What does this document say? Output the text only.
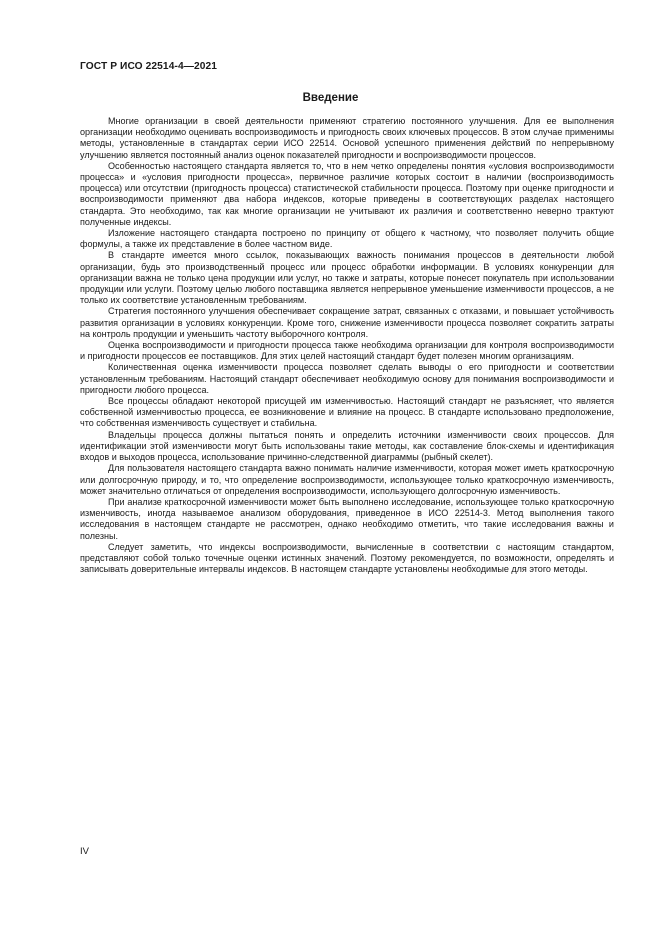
ГОСТ Р ИСО 22514-4—2021
Введение

Многие организации в своей деятельности применяют стратегию постоянного улучшения. Для ее выполнения организации необходимо оценивать воспроизводимость и пригодность своих ключевых процессов. В этом случае применимы методы, установленные в стандартах серии ИСО 22514. Основой успешного применения действий по непрерывному улучшению является постоянный анализ оценок показателей пригодности и воспроизводимости процессов.

Особенностью настоящего стандарта является то, что в нем четко определены понятия «условия воспроизводимости процесса» и «условия пригодности процесса», первичное различие которых состоит в наличии (воспроизводимость процесса) или отсутствии (пригодность процесса) статистической стабильности процесса. Поэтому при оценке пригодности и воспроизводимости применяют два набора индексов, которые приведены в соответствующих разделах настоящего стандарта. Это необходимо, так как многие организации не учитывают их различия и соответственно неверно трактуют полученные индексы.

Изложение настоящего стандарта построено по принципу от общего к частному, что позволяет получить общие формулы, а также их представление в более частном виде.

В стандарте имеется много ссылок, показывающих важность понимания процессов в деятельности любой организации, будь это производственный процесс или процесс обработки информации. В условиях конкуренции для организации важна не только цена продукции или услуг, но также и затраты, которые понесет покупатель при использовании продукции или услуги. Поэтому целью любого поставщика является непрерывное уменьшение изменчивости процессов, а не только их соответствие установленным требованиям.

Стратегия постоянного улучшения обеспечивает сокращение затрат, связанных с отказами, и повышает устойчивость развития организации в условиях конкуренции. Кроме того, снижение изменчивости процесса позволяет сократить затраты на контроль продукции и уменьшить частоту выборочного контроля.

Оценка воспроизводимости и пригодности процесса также необходима организации для контроля воспроизводимости и пригодности процессов ее поставщиков. Для этих целей настоящий стандарт будет полезен многим организациям.

Количественная оценка изменчивости процесса позволяет сделать выводы о его пригодности и соответствии установленным требованиям. Настоящий стандарт обеспечивает необходимую основу для понимания воспроизводимости и пригодности любого процесса.

Все процессы обладают некоторой присущей им изменчивостью. Настоящий стандарт не разъясняет, что является собственной изменчивостью процесса, ее возникновение и влияние на процесс. В стандарте использовано предположение, что собственная изменчивость существует и стабильна.

Владельцы процесса должны пытаться понять и определить источники изменчивости своих процессов. Для идентификации этой изменчивости могут быть использованы такие методы, как составление блок-схемы и идентификация входов и выходов процесса, использование причинно-следственной диаграммы (рыбный скелет).

Для пользователя настоящего стандарта важно понимать наличие изменчивости, которая может иметь краткосрочную или долгосрочную природу, и то, что определение воспроизводимости, использующее только краткосрочную изменчивость, может значительно отличаться от определения воспроизводимости, использующего долгосрочную изменчивость.

При анализе краткосрочной изменчивости может быть выполнено исследование, использующее только краткосрочную изменчивость, иногда называемое анализом оборудования, приведенное в ИСО 22514-3. Метод выполнения такого исследования в настоящем стандарте не рассмотрен, однако необходимо отметить, что такие исследования важны и полезны.

Следует заметить, что индексы воспроизводимости, вычисленные в соответствии с настоящим стандартом, представляют собой только точечные оценки истинных значений. Поэтому рекомендуется, по возможности, определять и записывать доверительные интервалы индексов. В настоящем стандарте установлены необходимые для этого методы.

IV
